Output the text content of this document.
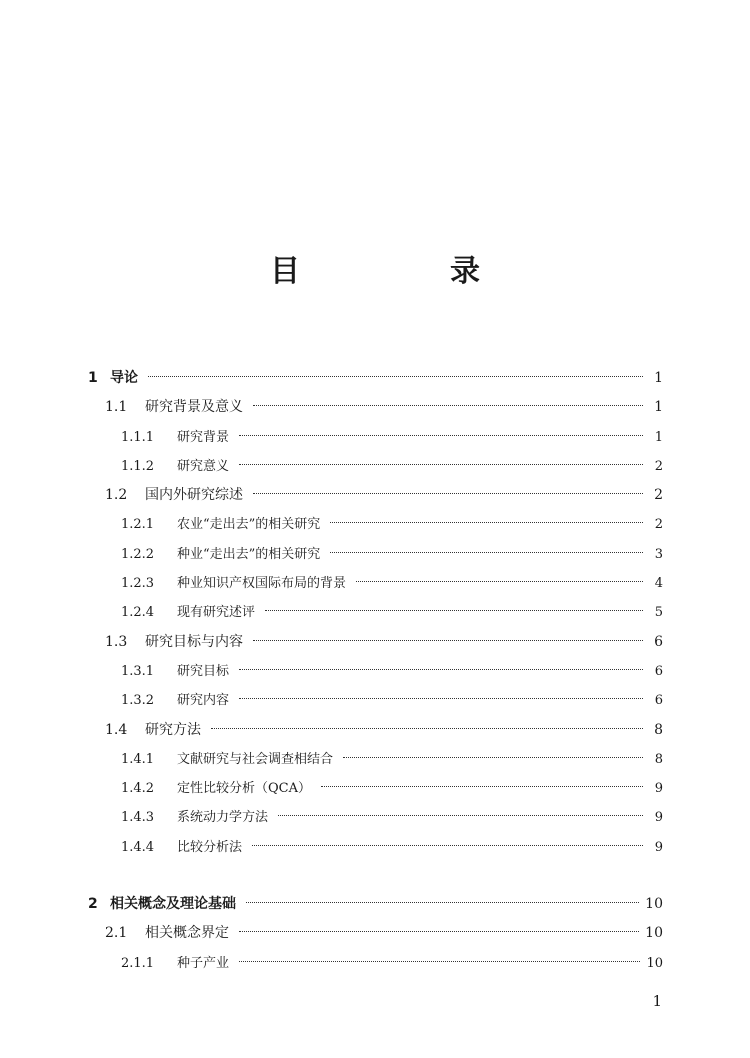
目　录
1 导论	1
1.1	研究背景及意义	1
1.1.1	研究背景	1
1.1.2	研究意义	2
1.2	国内外研究综述	2
1.2.1	农业“走出去”的相关研究	2
1.2.2	种业“走出去”的相关研究	3
1.2.3	种业知识产权国际布局的背景	4
1.2.4	现有研究述评	5
1.3	研究目标与内容	6
1.3.1	研究目标	6
1.3.2	研究内容	6
1.4	研究方法	8
1.4.1	文献研究与社会调查相结合	8
1.4.2	定性比较分析（QCA）	9
1.4.3	系统动力学方法	9
1.4.4	比较分析法	9
2 相关概念及理论基础	10
2.1	相关概念界定	10
2.1.1	种子产业	10
1
